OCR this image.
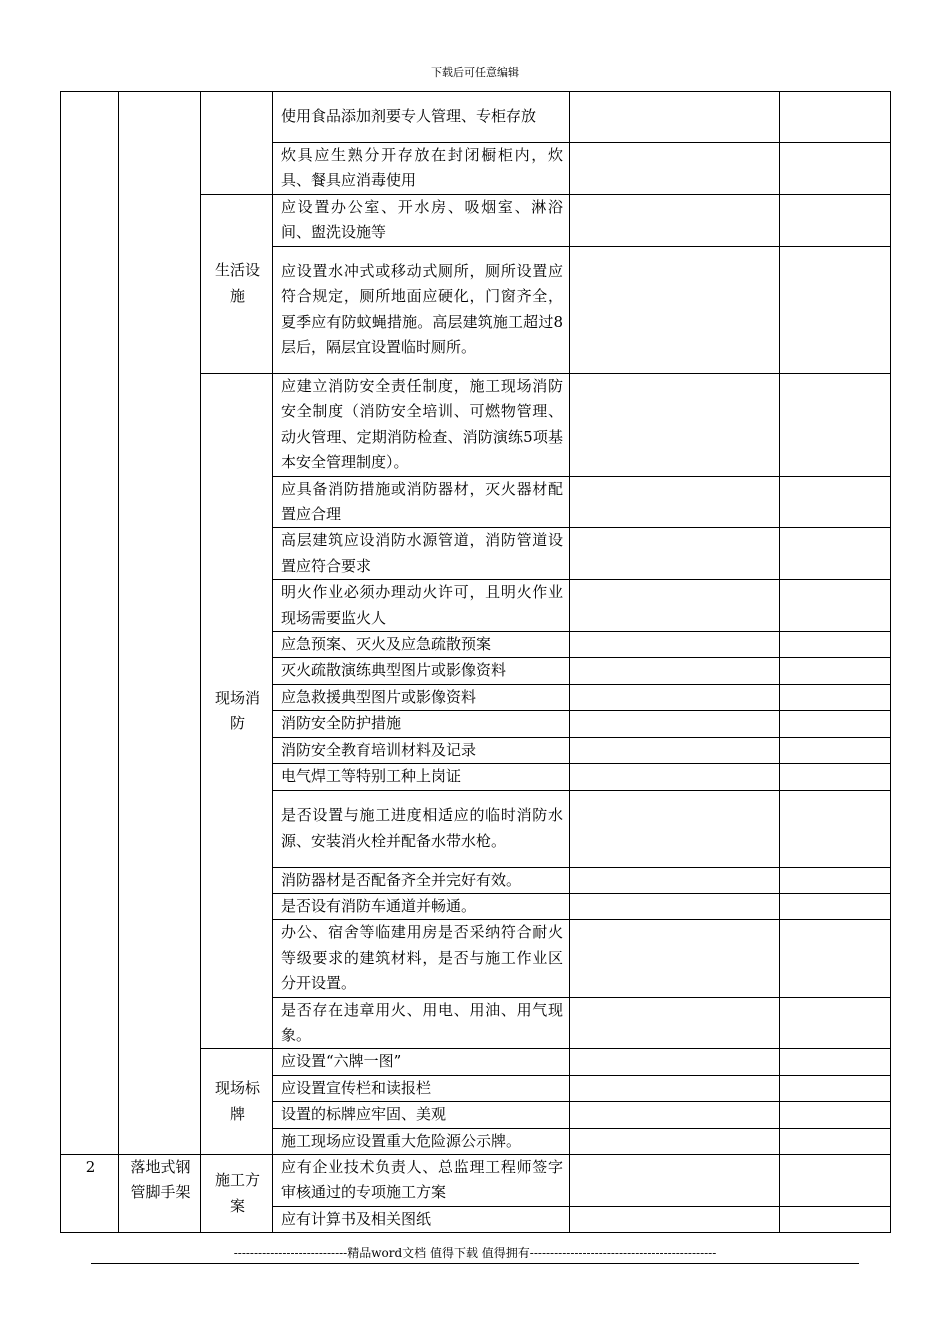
下载后可任意编辑
			使用食品添加剂要专人管理、专柜存放		
			炊具应生熟分开存放在封闭橱柜内，炊具、餐具应消毒使用		
		生活设施	应设置办公室、开水房、吸烟室、淋浴间、盥洗设施等		
			应设置水冲式或移动式厕所，厕所设置应符合规定，厕所地面应硬化，门窗齐全，夏季应有防蚊蝇措施。高层建筑施工超过8层后，隔层宜设置临时厕所。		
		现场消防	应建立消防安全责任制度，施工现场消防安全制度（消防安全培训、可燃物管理、动火管理、定期消防检查、消防演练5项基本安全管理制度）。		
			应具备消防措施或消防器材，灭火器材配置应合理		
			高层建筑应设消防水源管道，消防管道设置应符合要求		
			明火作业必须办理动火许可，且明火作业现场需要监火人		
			应急预案、灭火及应急疏散预案		
			灭火疏散演练典型图片或影像资料		
			应急救援典型图片或影像资料		
			消防安全防护措施		
			消防安全教育培训材料及记录		
			电气焊工等特别工种上岗证		
			是否设置与施工进度相适应的临时消防水源、安装消火栓并配备水带水枪。		
			消防器材是否配备齐全并完好有效。		
			是否设有消防车通道并畅通。		
			办公、宿舍等临建用房是否采纳符合耐火等级要求的建筑材料，是否与施工作业区分开设置。		
			是否存在违章用火、用电、用油、用气现象。		
		现场标牌	应设置“六牌一图”		
			应设置宣传栏和读报栏		
			设置的标牌应牢固、美观		
			施工现场应设置重大危险源公示牌。		
2	落地式钢管脚手架	施工方案	应有企业技术负责人、总监理工程师签字审核通过的专项施工方案		
			应有计算书及相关图纸		
----------------------------精品word文档 值得下载 值得拥有----------------------------------------------
